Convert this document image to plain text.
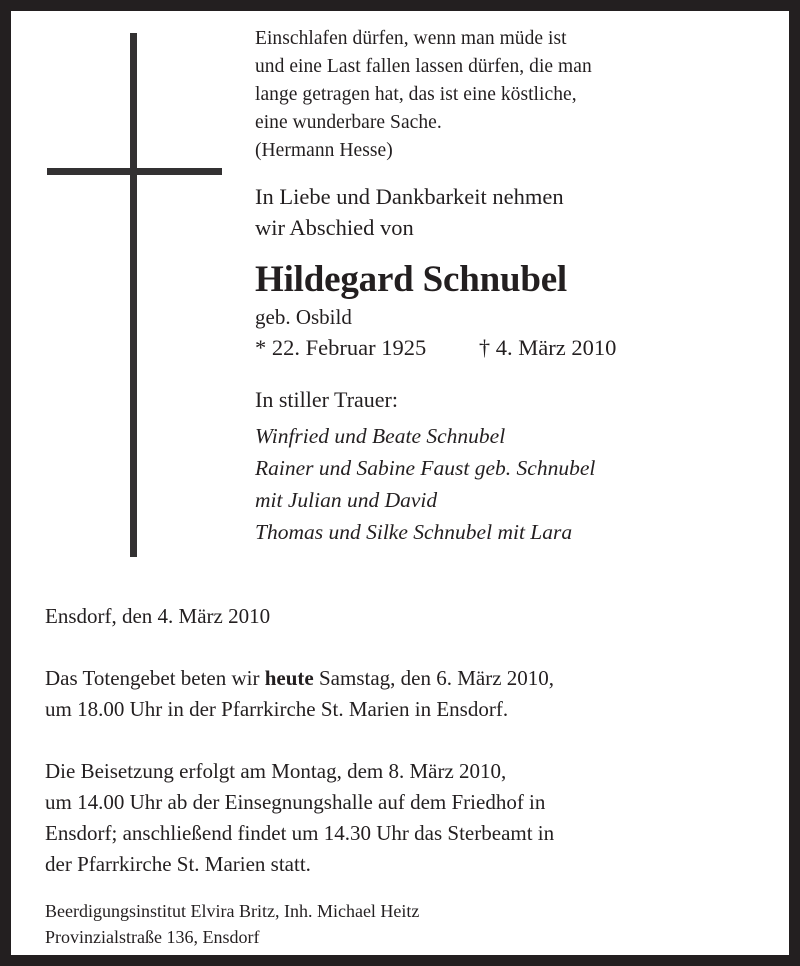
Einschlafen dürfen, wenn man müde ist
und eine Last fallen lassen dürfen, die man
lange getragen hat, das ist eine köstliche,
eine wunderbare Sache.
(Hermann Hesse)
In Liebe und Dankbarkeit nehmen
wir Abschied von
Hildegard Schnubel
geb. Osbild
* 22. Februar 1925 † 4. März 2010
In stiller Trauer:
Winfried und Beate Schnubel
Rainer und Sabine Faust geb. Schnubel
mit Julian und David
Thomas und Silke Schnubel mit Lara
Ensdorf, den 4. März 2010
Das Totengebet beten wir heute Samstag, den 6. März 2010,
um 18.00 Uhr in der Pfarrkirche St. Marien in Ensdorf.
Die Beisetzung erfolgt am Montag, dem 8. März 2010,
um 14.00 Uhr ab der Einsegnungshalle auf dem Friedhof in
Ensdorf; anschließend findet um 14.30 Uhr das Sterbeamt in
der Pfarrkirche St. Marien statt.
Beerdigungsinstitut Elvira Britz, Inh. Michael Heitz
Provinzialstraße 136, Ensdorf
